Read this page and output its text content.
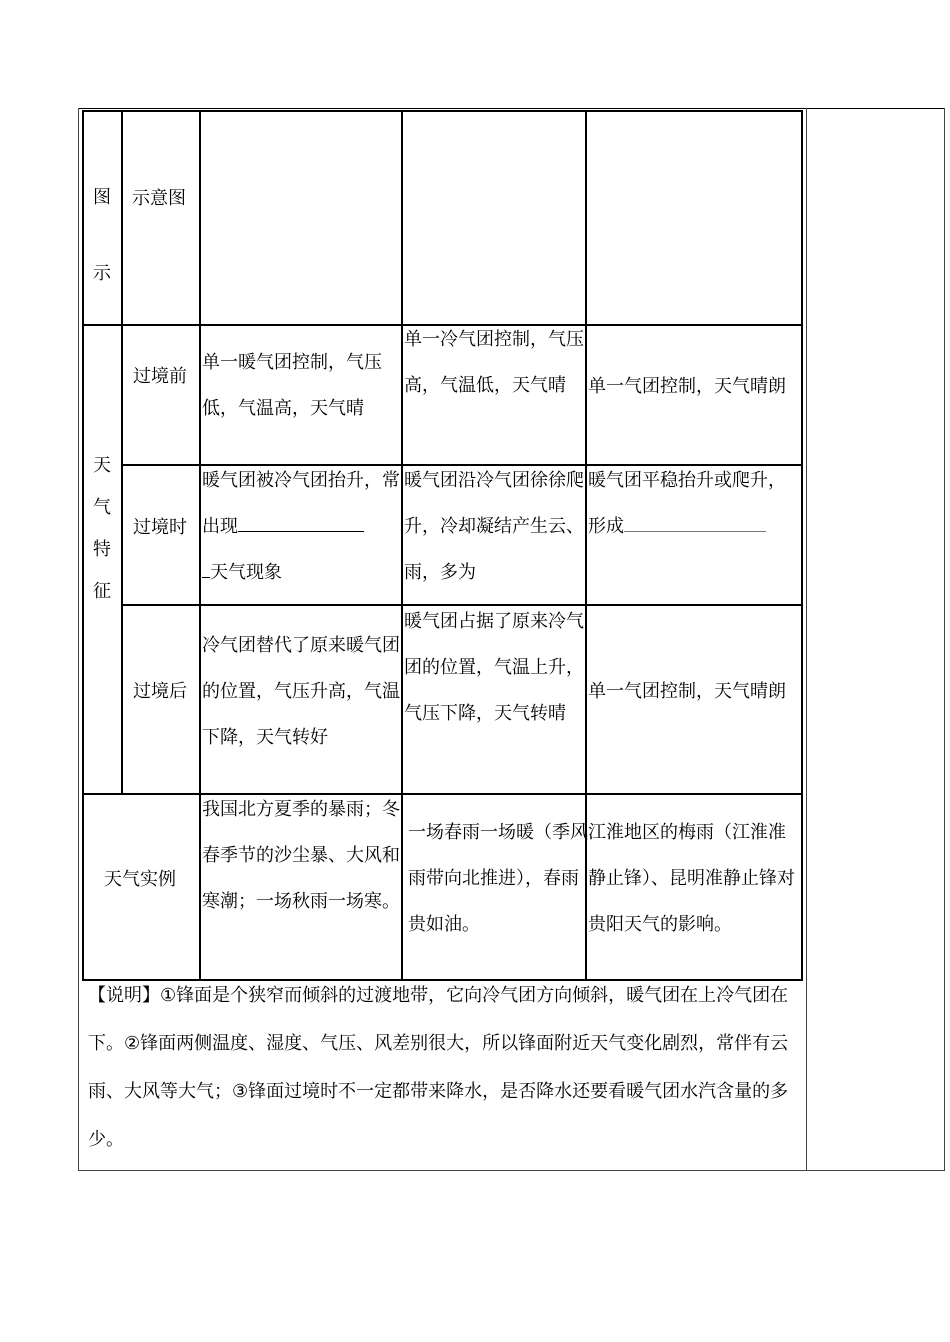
图示
天气特征
示意图
过境前
过境时
过境后
天气实例
单一暖气团控制，气压低，气温高，天气晴
单一冷气团控制，气压高，气温低，天气晴	单一气团控制，天气晴朗
暖气团被冷气团抬升，常出现
天气现象
暖气团沿冷气团徐徐爬升，冷却凝结产生云、雨，多为
暖气团平稳抬升或爬升，形成
冷气团替代了原来暖气团的位置，气压升高，气温下降，天气转好
暖气团占据了原来冷气团的位置，气温上升，气压下降，天气转晴
单一气团控制，天气晴朗
我国北方夏季的暴雨；冬春季节的沙尘暴、大风和寒潮；一场秋雨一场寒。
一场春雨一场暖（季风雨带向北推进），春雨贵如油。
江淮地区的梅雨（江淮准静止锋）、昆明准静止锋对贵阳天气的影响。
【说明】①锋面是个狭窄而倾斜的过渡地带，它向冷气团方向倾斜，暖气团在上冷气团在下。②锋面两侧温度、湿度、气压、风差别很大，所以锋面附近天气变化剧烈，常伴有云雨、大风等大气；③锋面过境时不一定都带来降水，是否降水还要看暖气团水汽含量的多少。
